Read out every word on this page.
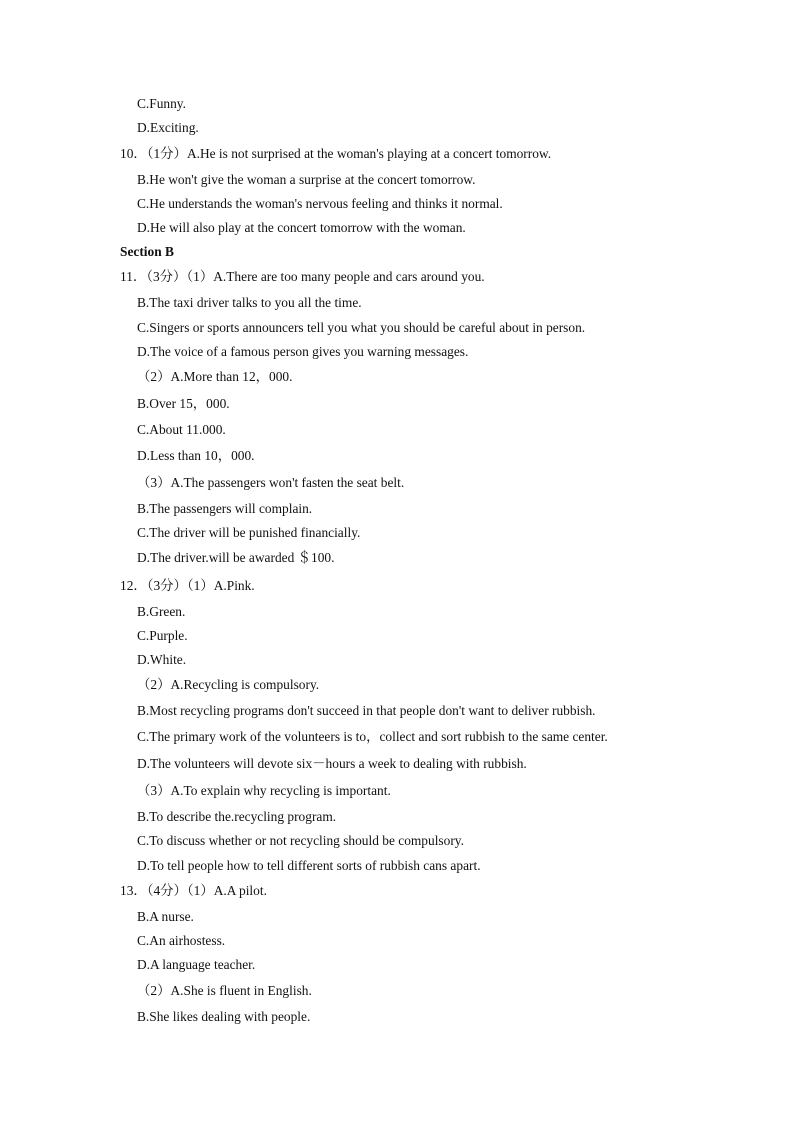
C.Funny.
D.Exciting.
10．（1分）A.He is not surprised at the woman's playing at a concert tomorrow.
B.He won't give the woman a surprise at the concert tomorrow.
C.He understands the woman's nervous feeling and thinks it normal.
D.He will also play at the concert tomorrow with the woman.
Section B
11．（3分）（1）A.There are too many people and cars around you.
B.The taxi driver talks to you all the time.
C.Singers or sports announcers tell you what you should be careful about in person.
D.The voice of a famous person gives you warning messages.
（2）A.More than 12，000.
B.Over 15，000.
C.About 11.000.
D.Less than 10，000.
（3）A.The passengers won't fasten the seat belt.
B.The passengers will complain.
C.The driver will be punished financially.
D.The driver.will be awarded ＄100.
12．（3分）（1）A.Pink.
B.Green.
C.Purple.
D.White.
（2）A.Recycling is compulsory.
B.Most recycling programs don't succeed in that people don't want to deliver rubbish.
C.The primary work of the volunteers is to，collect and sort rubbish to the same center.
D.The volunteers will devote six－hours a week to dealing with rubbish.
（3）A.To explain why recycling is important.
B.To describe the.recycling program.
C.To discuss whether or not recycling should be compulsory.
D.To tell people how to tell different sorts of rubbish cans apart.
13．（4分）（1）A.A pilot.
B.A nurse.
C.An airhostess.
D.A language teacher.
（2）A.She is fluent in English.
B.She likes dealing with people.
